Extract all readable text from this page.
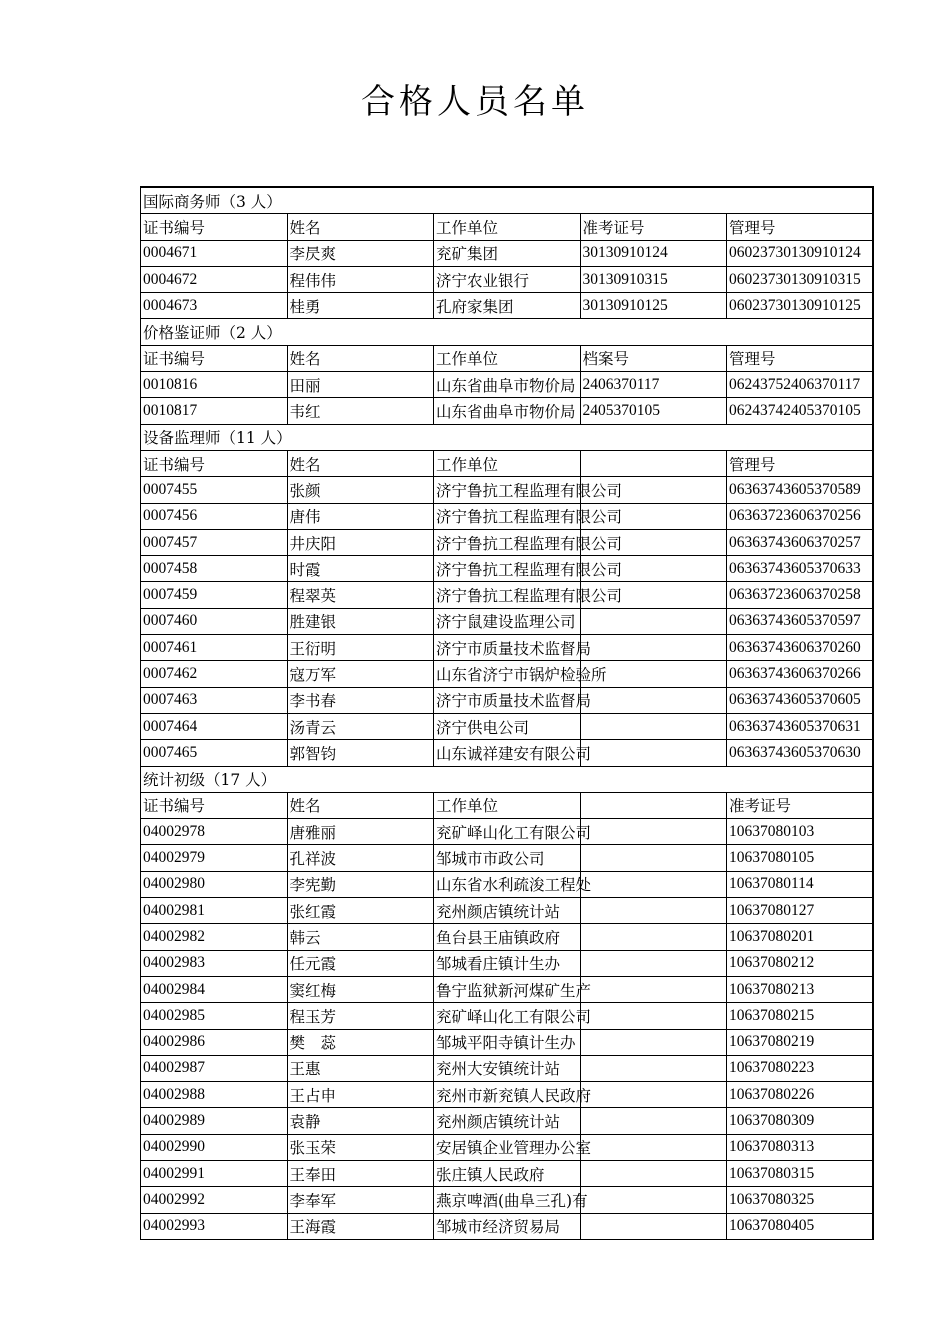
合格人员名单
国际商务师（3 人）				
证书编号	姓名	工作单位	准考证号	管理号
0004671	李昃爽	兖矿集团	30130910124	06023730130910124
0004672	程伟伟	济宁农业银行	30130910315	06023730130910315
0004673	桂勇	孔府家集团	30130910125	06023730130910125
价格鉴证师（2 人）				
证书编号	姓名	工作单位	档案号	管理号
0010816	田丽	山东省曲阜市物价局	2406370117	06243752406370117
0010817	韦红	山东省曲阜市物价局	2405370105	06243742405370105
设备监理师（11 人）				
证书编号	姓名	工作单位		管理号
0007455	张颜	济宁鲁抗工程监理有限公司		06363743605370589
0007456	唐伟	济宁鲁抗工程监理有限公司		06363723606370256
0007457	井庆阳	济宁鲁抗工程监理有限公司		06363743606370257
0007458	时霞	济宁鲁抗工程监理有限公司		06363743605370633
0007459	程翠英	济宁鲁抗工程监理有限公司		06363723606370258
0007460	胜建银	济宁鼠建设监理公司		06363743605370597
0007461	王衍明	济宁市质量技术监督局		06363743606370260
0007462	寇万军	山东省济宁市锅炉检验所		06363743606370266
0007463	李书春	济宁市质量技术监督局		06363743605370605
0007464	汤青云	济宁供电公司		06363743605370631
0007465	郭智钧	山东诚祥建安有限公司		06363743605370630
统计初级（17 人）				
证书编号	姓名	工作单位		准考证号
04002978	唐雅丽	兖矿峄山化工有限公司		10637080103
04002979	孔祥波	邹城市市政公司		10637080105
04002980	李宪勤	山东省水利疏浚工程处		10637080114
04002981	张红霞	兖州颜店镇统计站		10637080127
04002982	韩云	鱼台县王庙镇政府		10637080201
04002983	任元霞	邹城看庄镇计生办		10637080212
04002984	窦红梅	鲁宁监狱新河煤矿生产		10637080213
04002985	程玉芳	兖矿峄山化工有限公司		10637080215
04002986	樊　蕊	邹城平阳寺镇计生办		10637080219
04002987	王惠	兖州大安镇统计站		10637080223
04002988	王占申	兖州市新兖镇人民政府		10637080226
04002989	袁静	兖州颜店镇统计站		10637080309
04002990	张玉荣	安居镇企业管理办公室		10637080313
04002991	王奉田	张庄镇人民政府		10637080315
04002992	李奉军	燕京啤酒(曲阜三孔)有		10637080325
04002993	王海霞	邹城市经济贸易局		10637080405
